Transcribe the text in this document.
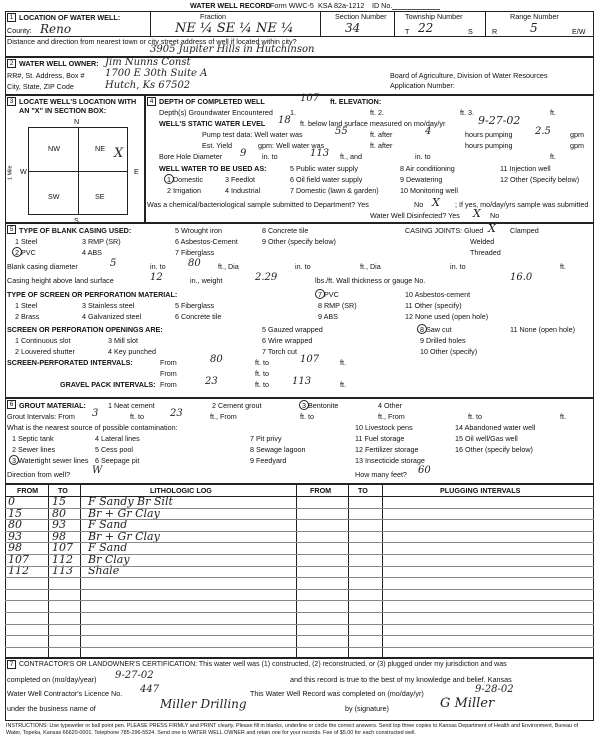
WATER WELL RECORD Form WWC-5 KSA 82a-1212 ID No.
1 LOCATION OF WATER WELL:	Fraction	Section Number	Township Number	Range Number
County: Reno	NE ¼ SE ¼ NE ¼	34	T 22	S	R	5	E/W
Distance and direction from nearest town or city street address of well if located within city?
3905 Jupiter Hills in Hutchinson
2 WATER WELL OWNER: Jim Nunns Const
RR#, St. Address, Box # 1700 E 30th Suite A
City, State, ZIP Code	Hutch, Ks 67502
Board of Agriculture, Division of Water Resources
Application Number:
3 LOCATE WELL'S LOCATION WITH
AN "X" IN SECTION BOX:
N
S
W	E
1 Mile
NW	NE
SW	SE
X
4 DEPTH OF COMPLETED WELL	107 ft. ELEVATION:
Depth(s) Groundwater Encountered 1.	ft. 2.	ft. 3.	ft.
WELL'S STATIC WATER LEVEL 18 ft. below land surface measured on mo/day/yr	9-27-02
Pump test data: Well water was	55	ft. after	4	hours pumping 2.5	gpm
Est. Yield	gpm: Well water was	ft. after	hours pumping	gpm
Bore Hole Diameter 9 in. to	113 ft., and	in. to	ft.
WELL WATER TO BE USED AS:
1 Domestic	3 Feedlot
5 Public water supply	8 Air conditioning	11 Injection well
2 Irrigation	4 Industrial	7 Domestic (lawn & garden)
6 Oil field water supply	9 Dewatering
10 Monitoring well
12 Other (Specify below)
Was a chemical/bacteriological sample submitted to Department? Yes	No X ; If yes, mo/day/yrs sample was submitted
Water Well Disinfected? Yes X No
5 TYPE OF BLANK CASING USED:
1 Steel	3 RMP (SR)
5 Wrought iron	8 Concrete tile
2 PVC	4 ABS
6 Asbestos-Cement
7 Fiberglass
9 Other (specify below)
CASING JOINTS: Glued X Clamped
Welded
Threaded
Blank casing diameter	5	in. to 80 ft., Dia	in. to	ft., Dia	in. to	ft.
Casing height above land surface	12	in., weight	2.29	lbs./ft. Wall thickness or gauge No.	16.0
TYPE OF SCREEN OR PERFORATION MATERIAL:
1 Steel	3 Stainless steel	5 Fiberglass
7 PVC	10 Asbestos-cement
2 Brass	4 Galvanized steel	6 Concrete tile
8 RMP (SR)	11 Other (specify)
9 ABS	12 None used (open hole)
SCREEN OR PERFORATION OPENINGS ARE:
1 Continuous slot	3 Mill slot
5 Gauzed wrapped	8 Saw cut	11 None (open hole)
2 Louvered shutter	4 Key punched
6 Wire wrapped	9 Drilled holes
7 Torch cut	10 Other (specify)
SCREEN-PERFORATED INTERVALS:	From	80	ft. to	107	ft.
From	ft. to
GRAVEL PACK INTERVALS: From	23	ft. to 113	ft.
6 GROUT MATERIAL:	1 Neat cement	2 Cement grout	3 Bentonite	4 Other
Grout Intervals: From 3	ft. to	23	ft., From	ft. to	ft., From	ft. to	ft.
What is the nearest source of possible contamination:
1 Septic tank	4 Lateral lines	7 Pit privy
10 Livestock pens	14 Abandoned water well
2 Sewer lines	5 Cess pool	8 Sewage lagoon
11 Fuel storage	15 Oil well/Gas well
3 Watertight sewer lines 6 Seepage pit	9 Feedyard
12 Fertilizer storage	16 Other (specify below)
13 Insecticide storage
Direction from well? W	How many feet? 60
FROM	TO	LITHOLOGIC LOG	FROM	TO	PLUGGING INTERVALS
0	15 F Sandy Br Silt
15	80 Br + Gr Clay
80	93 F Sand
93	98 Br + Gr Clay
98	107 F Sand
107 112 Br Clay
112 113 Shale
7 CONTRACTOR'S OR LANDOWNER'S CERTIFICATION: This water well was (1) constructed, (2) reconstructed, or (3) plugged under my jurisdiction and was
completed on (mo/day/year) 9-27-02	and this record is true to the best of my knowledge and belief. Kansas
Water Well Contractor's Licence No. 447	This Water Well Record was completed on (mo/day/yr)	9-28-02
under the business name of	Miller Drilling	by (signature)	G Miller
INSTRUCTIONS: Use typewriter or ball point pen. PLEASE PRESS FIRMLY and PRINT clearly. Please fill in blanks, underline or circle the correct answers. Send top three copies to Kansas Department of Health and Environment, Bureau of Water, Topeka, Kansas 66620-0001. Telephone 785-296-5524. Send one to WATER WELL OWNER and retain one for your records. Fee of $5.00 for each constructed well.
